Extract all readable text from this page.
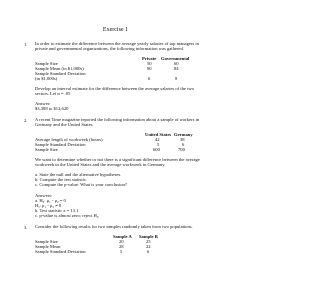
Exercise 1
1. In order to estimate the difference between the average yearly salaries of top managers in
private and governmental organizations, the following information was gathered.
Private Governmental
Sample Size	50	60
Sample Mean (in $1,000s)	90	84
Sample Standard Deviation
(in $1,000s)	6	8
Develop an interval estimate for the difference between the average salaries of the two
sectors. Let α = .05
Answer:
$3,388 to $12,620
2. A recent Time magazine reported the following information about a sample of workers in
Germany and the United States.
United States Germany
Average length of workweek (hours)	42	38
Sample Standard Deviation	5	6
Sample Size	600	700
We want to determine whether or not there is a significant difference between the average
workweek in the United States and the average workweek in Germany.
a. State the null and the alternative hypotheses.
b. Compute the test statistic.
c. Compute the p-value. What is your conclusion?
Answers:
a. H₀: μ₁ - μ₂ = 0
Hₐ: μ₁ - μ₂ ≠ 0
b. Test statistic z = 13.1
c. p-value is almost zero; reject H₀
3. Consider the following results for two samples randomly taken from two populations.
Sample A Sample B
Sample Size	20	25
Sample Mean	28	22
Sample Standard Deviation	5	6
